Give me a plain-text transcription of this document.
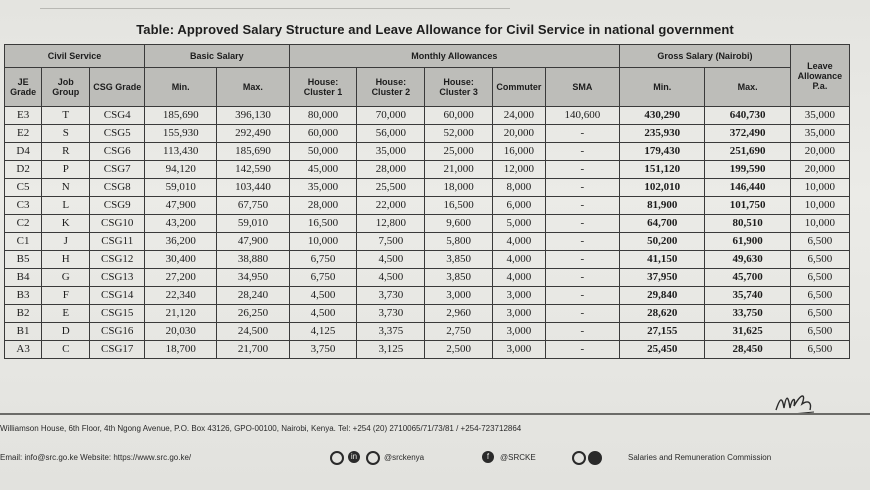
Table: Approved Salary Structure and Leave Allowance for Civil Service in national government
Civil Service			Basic Salary		Monthly Allowances					Gross Salary (Nairobi)		Leave Allowance P.a.
JE Grade	Job Group	CSG Grade	Min.	Max.	House: Cluster 1	House: Cluster 2	House: Cluster 3	Commuter	SMA	Min.	Max.	
E3	T	CSG4	185,690	396,130	80,000	70,000	60,000	24,000	140,600	430,290	640,730	35,000
E2	S	CSG5	155,930	292,490	60,000	56,000	52,000	20,000	-	235,930	372,490	35,000
D4	R	CSG6	113,430	185,690	50,000	35,000	25,000	16,000	-	179,430	251,690	20,000
D2	P	CSG7	94,120	142,590	45,000	28,000	21,000	12,000	-	151,120	199,590	20,000
C5	N	CSG8	59,010	103,440	35,000	25,500	18,000	8,000	-	102,010	146,440	10,000
C3	L	CSG9	47,900	67,750	28,000	22,000	16,500	6,000	-	81,900	101,750	10,000
C2	K	CSG10	43,200	59,010	16,500	12,800	9,600	5,000	-	64,700	80,510	10,000
C1	J	CSG11	36,200	47,900	10,000	7,500	5,800	4,000	-	50,200	61,900	6,500
B5	H	CSG12	30,400	38,880	6,750	4,500	3,850	4,000	-	41,150	49,630	6,500
B4	G	CSG13	27,200	34,950	6,750	4,500	3,850	4,000	-	37,950	45,700	6,500
B3	F	CSG14	22,340	28,240	4,500	3,730	3,000	3,000	-	29,840	35,740	6,500
B2	E	CSG15	21,120	26,250	4,500	3,730	2,960	3,000	-	28,620	33,750	6,500
B1	D	CSG16	20,030	24,500	4,125	3,375	2,750	3,000	-	27,155	31,625	6,500
A3	C	CSG17	18,700	21,700	3,750	3,125	2,500	3,000	-	25,450	28,450	6,500
Williamson House, 6th Floor, 4th Ngong Avenue, P.O. Box 43126, GPO-00100, Nairobi, Kenya. Tel: +254 (20) 2710065/71/73/81 / +254-723712864
Email: info@src.go.ke Website: https://www.src.go.ke/	in	@srckenya	f	@SRCKE	Salaries and Remuneration Commission
